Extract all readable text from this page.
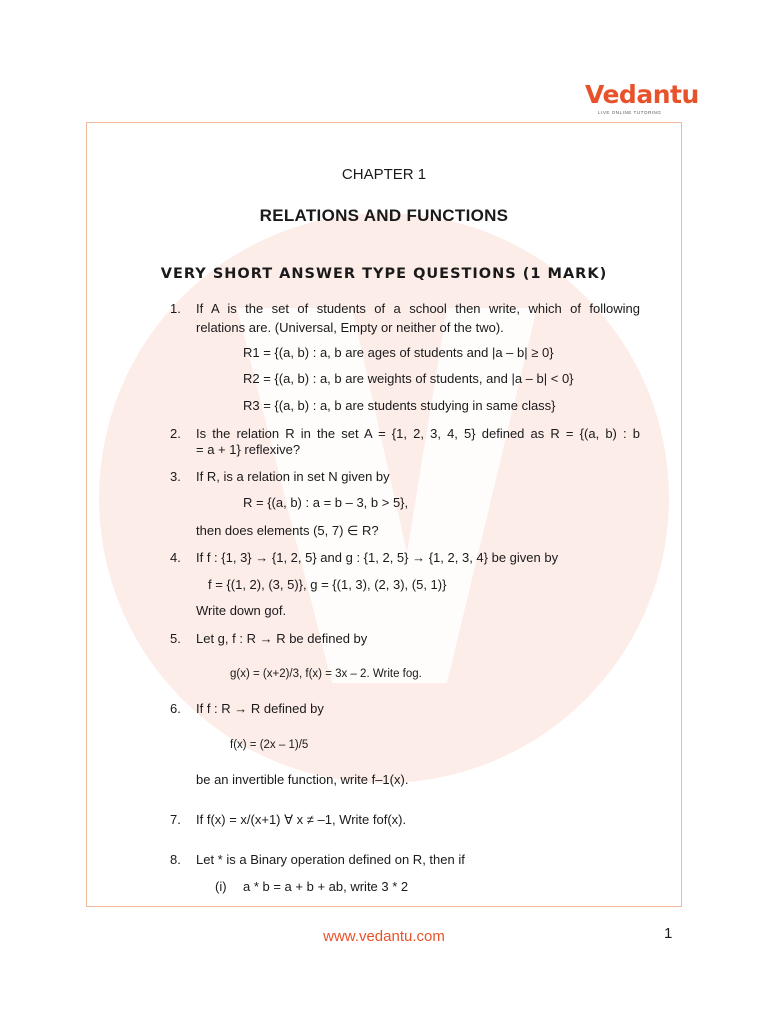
Vedantu
LIVE ONLINE TUTORING
CHAPTER 1
RELATIONS AND FUNCTIONS
VERY SHORT ANSWER TYPE QUESTIONS (1 MARK)
1.	If A is the set of students of a school then write, which of following
relations are. (Universal, Empty or neither of the two).
R1 = {(a, b) : a, b are ages of students and |a – b| ≥ 0}
R2 = {(a, b) : a, b are weights of students, and |a – b| < 0}
R3 = {(a, b) : a, b are students studying in same class}
2.	Is the relation R in the set A = {1, 2, 3, 4, 5} defined as R = {(a, b) : b
= a + 1} reflexive?
3.	If R, is a relation in set N given by
R = {(a, b) : a = b – 3, b > 5},
then does elements (5, 7) ∈ R?
4.	If f : {1, 3} → {1, 2, 5} and g : {1, 2, 5} → {1, 2, 3, 4} be given by
f = {(1, 2), (3, 5)}, g = {(1, 3), (2, 3), (5, 1)}
Write down gof.
5.	Let g, f : R → R be defined by
g(x) = (x+2)/3, f(x) = 3x – 2. Write fog.
6.	If f : R → R defined by
f(x) = (2x – 1)/5
be an invertible function, write f–1(x).
7.	If f(x) = x/(x+1) ∀ x ≠ –1, Write fof(x).
8.	Let * is a Binary operation defined on R, then if
(i) a * b = a + b + ab, write 3 * 2
www.vedantu.com	1
